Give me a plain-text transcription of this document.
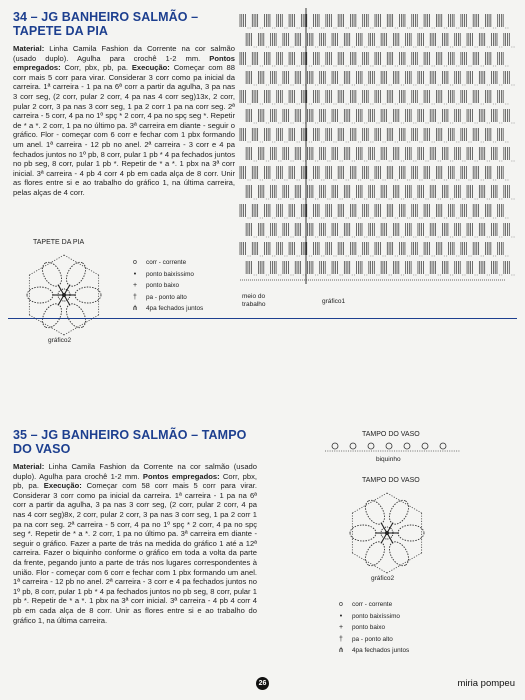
34 – JG BANHEIRO SALMÃO –
TAPETE DA PIA
Material: Linha Camila Fashion da Corrente na cor salmão (usado duplo). Agulha para crochê 1-2 mm. Pontos empregados: Corr, pbx, pb, pa. Execução: Começar com 88 corr mais 5 corr para virar. Considerar 3 corr como pa inicial da carreira. 1ª carreira - 1 pa na 6ª corr a partir da agulha, 3 pa nas 3 corr seg, (2 corr, pular 2 corr, 4 pa nas 4 corr seg)13x, 2 corr, pular 2 corr, 3 pa nas 3 corr seg, 1 pa 2 corr 1 pa na corr seg. 2ª carreira - 5 corr, 4 pa no 1º spç * 2 corr, 4 pa no spç seg *. Repetir de * a *. 2 corr, 1 pa no último pa. 3ª carreira em diante - seguir o gráfico. Flor - começar com 6 corr e fechar com 1 pbx formando um anel. 1ª carreira - 12 pb no anel. 2ª carreira - 3 corr e 4 pa fechados juntos no 1º pb, 8 corr, pular 1 pb * 4 pa fechados juntos no pb seg, 8 corr, pular 1 pb *. Repetir de * a *. 1 pbx na 3ª corr inicial. 3ª carreira - 4 pb 4 corr 4 pb em cada alça de 8 corr. Unir as flores entre si e ao trabalho do gráfico 1, na última carreira, pelas alças de 4 corr.
TAPETE DA PIA
gráfico2
o	corr - corrente
•	ponto baixíssimo
+	ponto baixo
†	pa - ponto alto
⋔	4pa fechados juntos
meio do
trabalho	gráfico1
35 – JG BANHEIRO SALMÃO – TAMPO
DO VASO
Material: Linha Camila Fashion da Corrente na cor salmão (usado duplo). Agulha para crochê 1-2 mm. Pontos empregados: Corr, pbx, pb, pa. Execução: Começar com 58 corr mais 5 corr para virar. Considerar 3 corr como pa inicial da carreira. 1ª carreira - 1 pa na 6ª corr a partir da agulha, 3 pa nas 3 corr seg, (2 corr, pular 2 corr, 4 pa nas 4 corr seg)8x, 2 corr, pular 2 corr, 3 pa nas 3 corr seg, 1 pa 2 corr 1 pa na corr seg. 2ª carreira - 5 corr, 4 pa no 1º spç * 2 corr, 4 pa no spç seg *. Repetir de * a *. 2 corr, 1 pa no último pa. 3ª carreira em diante - seguir o gráfico. Fazer a parte de trás na medida do gráfico 1 até a 12ª carreira. Fazer o biquinho conforme o gráfico em toda a volta da parte da frente, pegando junto a parte de trás nos lugares correspondentes à união. Flor - começar com 6 corr e fechar com 1 pbx formando um anel. 1ª carreira - 12 pb no anel. 2ª carreira - 3 corr e 4 pa fechados juntos no 1º pb, 8 corr, pular 1 pb * 4 pa fechados juntos no pb seg, 8 corr, pular 1 pb *. Repetir de * a *. 1 pbx na 3ª corr inicial. 3ª carreira - 4 pb 4 corr 4 pb em cada alça de 8 corr. Unir as flores entre si e ao trabalho do gráfico 1, na última carreira.
TAMPO DO VASO
biquinho
TAMPO DO VASO
gráfico2
o	corr - corrente
•	ponto baixíssimo
+	ponto baixo
†	pa - ponto alto
⋔	4pa fechados juntos
26	miria pompeu
